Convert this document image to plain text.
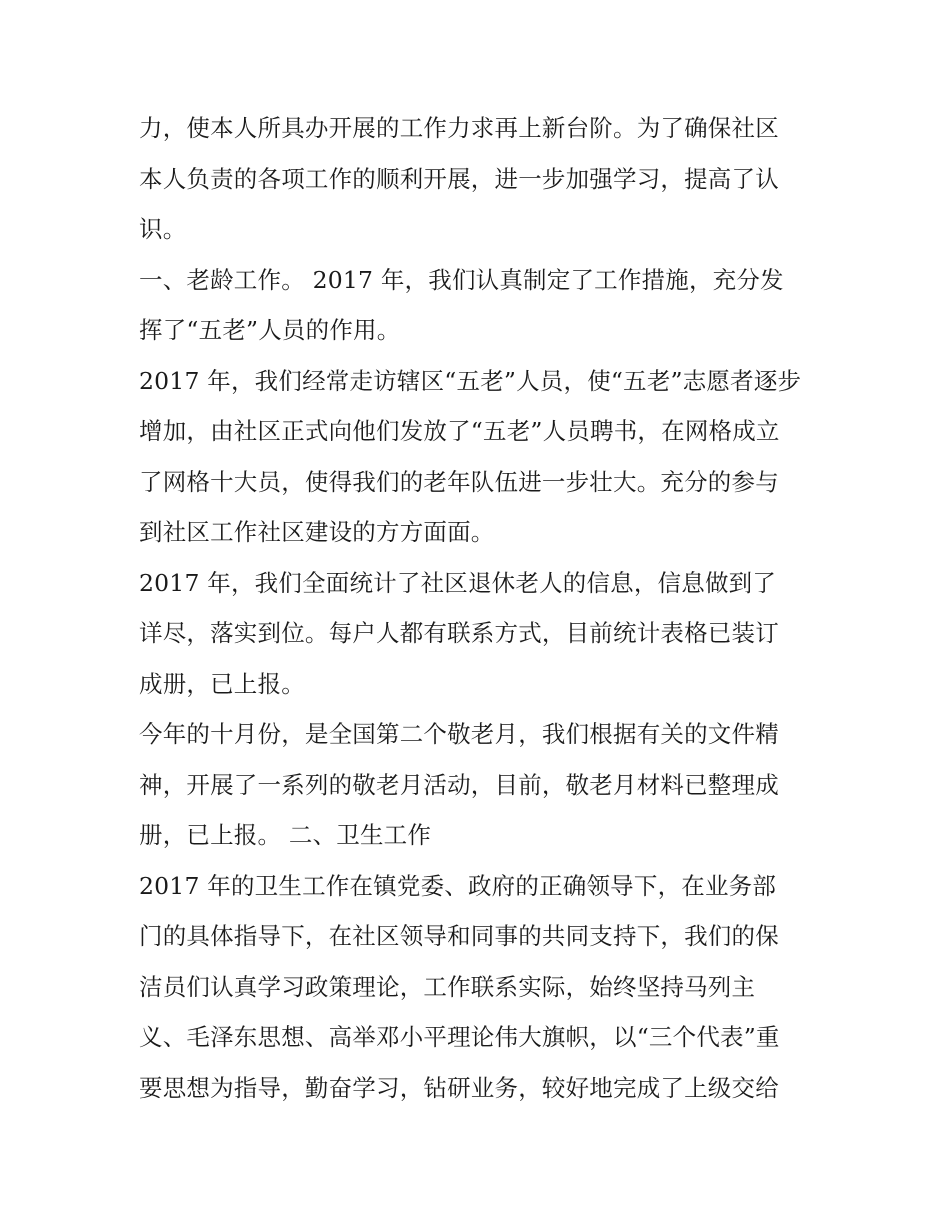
力，使本人所具办开展的工作力求再上新台阶。为了确保社区
本人负责的各项工作的顺利开展，进一步加强学习，提高了认
识。
一、老龄工作。 2017 年，我们认真制定了工作措施，充分发
挥了“五老”人员的作用。
2017 年，我们经常走访辖区“五老”人员，使“五老”志愿者逐步
增加，由社区正式向他们发放了“五老”人员聘书，在网格成立
了网格十大员，使得我们的老年队伍进一步壮大。充分的参与
到社区工作社区建设的方方面面。
2017 年，我们全面统计了社区退休老人的信息，信息做到了
详尽，落实到位。每户人都有联系方式，目前统计表格已装订
成册，已上报。
今年的十月份，是全国第二个敬老月，我们根据有关的文件精
神，开展了一系列的敬老月活动，目前，敬老月材料已整理成
册，已上报。 二、卫生工作
2017 年的卫生工作在镇党委、政府的正确领导下，在业务部
门的具体指导下，在社区领导和同事的共同支持下，我们的保
洁员们认真学习政策理论，工作联系实际，始终坚持马列主
义、毛泽东思想、高举邓小平理论伟大旗帜，以“三个代表”重
要思想为指导，勤奋学习，钻研业务，较好地完成了上级交给
